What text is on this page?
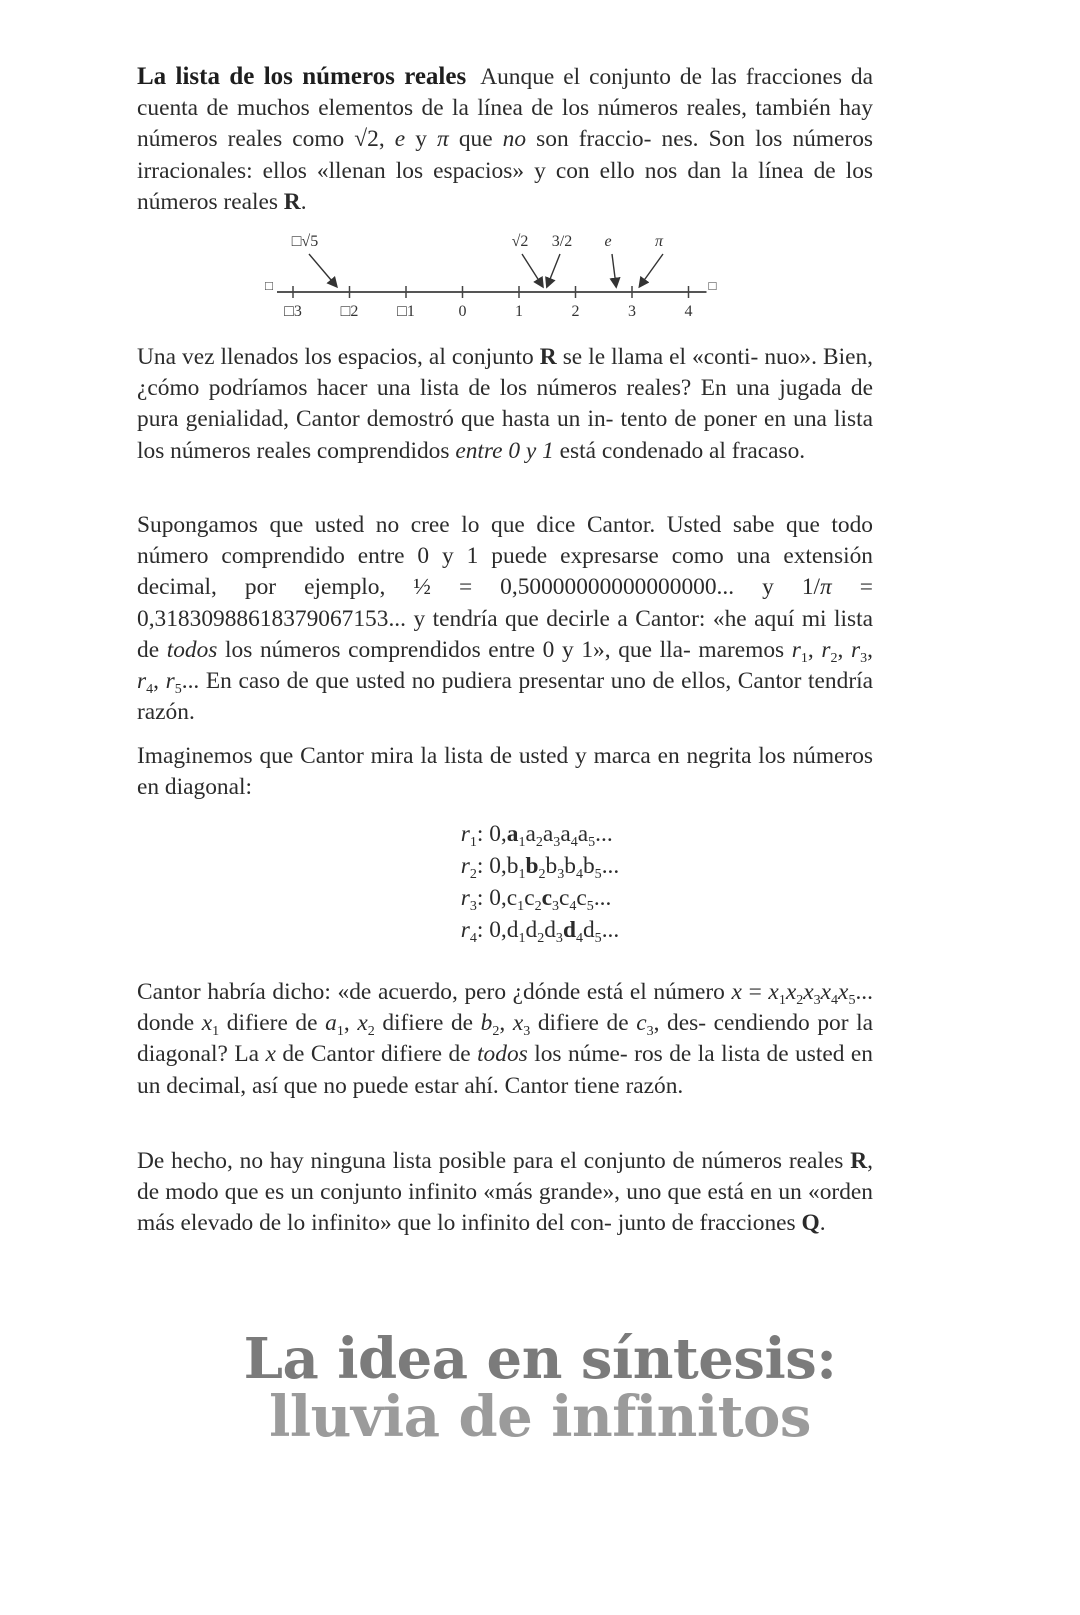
La lista de los números reales Aunque el conjunto de las fracciones da cuenta de muchos elementos de la línea de los números reales, también hay números reales como √2, e y π que no son fraccio- nes. Son los números irracionales: ellos «llenan los espacios» y con ello nos dan la línea de los números reales R.

□	□
□3 □2 □1	0	1	2	3	4
□√5	√2 3/2 e	π

Una vez llenados los espacios, al conjunto R se le llama el «conti- nuo». Bien, ¿cómo podríamos hacer una lista de los números reales? En una jugada de pura genialidad, Cantor demostró que hasta un in- tento de poner en una lista los números reales comprendidos entre 0 y 1 está condenado al fracaso.

Supongamos que usted no cree lo que dice Cantor. Usted sabe que todo número comprendido entre 0 y 1 puede expresarse como una extensión decimal, por ejemplo, ½ = 0,50000000000000000... y 1/π = 0,31830988618379067153... y tendría que decirle a Cantor: «he aquí mi lista de todos los números comprendidos entre 0 y 1», que lla- maremos $r_1$, $r_2$, $r_3$, $r_4$, $r_5$... En caso de que usted no pudiera presentar uno de ellos, Cantor tendría razón.

Imaginemos que Cantor mira la lista de usted y marca en negrita los números en diagonal:

$r_1$: $0,a_1a_2a_3a_4a_5$...
$r_2$: $0,b_1b_2b_3b_4b_5$...
$r_3$: $0,c_1c_2c_3c_4c_5$...
$r_4$: $0,d_1d_2d_3d_4d_5$...

Cantor habría dicho: «de acuerdo, pero ¿dónde está el número $x = x_1x_2x_3x_4x_5$... donde $x_1$ difiere de $a_1$, $x_2$ difiere de $b_2$, $x_3$ difiere de $c_3$, des- cendiendo por la diagonal? La x de Cantor difiere de todos los núme- ros de la lista de usted en un decimal, así que no puede estar ahí. Cantor tiene razón.

De hecho, no hay ninguna lista posible para el conjunto de números reales R, de modo que es un conjunto infinito «más grande», uno que está en un «orden más elevado de lo infinito» que lo infinito del con- junto de fracciones Q.

La idea en síntesis:
lluvia de infinitos
